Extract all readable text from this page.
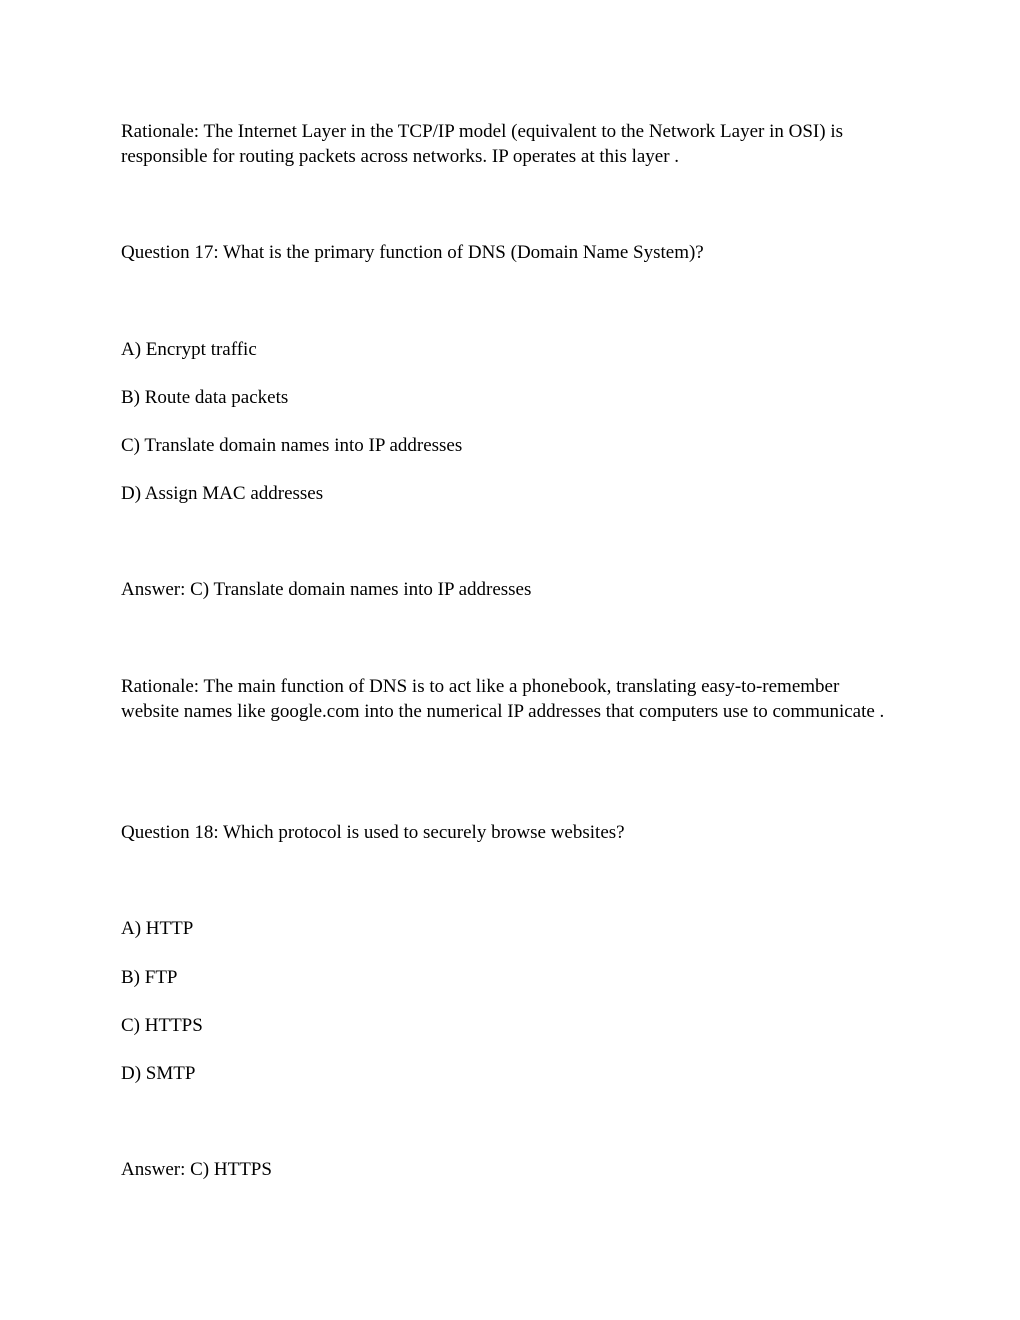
Rationale: The Internet Layer in the TCP/IP model (equivalent to the Network Layer in OSI) is responsible for routing packets across networks. IP operates at this layer .

Question 17: What is the primary function of DNS (Domain Name System)?

A) Encrypt traffic

B) Route data packets

C) Translate domain names into IP addresses

D) Assign MAC addresses

Answer: C) Translate domain names into IP addresses

Rationale: The main function of DNS is to act like a phonebook, translating easy-to-remember website names like google.com into the numerical IP addresses that computers use to communicate .

Question 18: Which protocol is used to securely browse websites?

A) HTTP

B) FTP

C) HTTPS

D) SMTP

Answer: C) HTTPS
